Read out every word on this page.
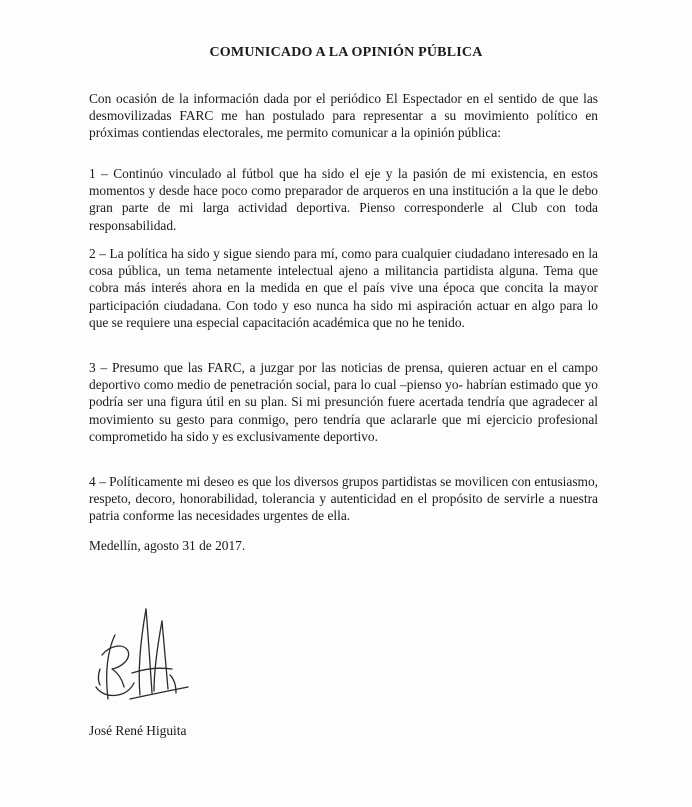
COMUNICADO A LA OPINIÓN PÚBLICA

Con ocasión de la información dada por el periódico El Espectador en el sentido de que las desmovilizadas FARC me han postulado para representar a su movimiento político en próximas contiendas electorales, me permito comunicar a la opinión pública:

1 – Continúo vinculado al fútbol que ha sido el eje y la pasión de mi existencia, en estos momentos y desde hace poco como preparador de arqueros en una institución a la que le debo gran parte de mi larga actividad deportiva. Pienso corresponderle al Club con toda responsabilidad.

2 – La política ha sido y sigue siendo para mí, como para cualquier ciudadano interesado en la cosa pública, un tema netamente intelectual ajeno a militancia partidista alguna. Tema que cobra más interés ahora en la medida en que el país vive una época que concita la mayor participación ciudadana. Con todo y eso nunca ha sido mi aspiración actuar en algo para lo que se requiere una especial capacitación académica que no he tenido.

3 – Presumo que las FARC, a juzgar por las noticias de prensa, quieren actuar en el campo deportivo como medio de penetración social, para lo cual –pienso yo- habrían estimado que yo podría ser una figura útil en su plan. Si mi presunción fuere acertada tendría que agradecer al movimiento su gesto para conmigo, pero tendría que aclararle que mi ejercicio profesional comprometido ha sido y es exclusivamente deportivo.

4 – Políticamente mi deseo es que los diversos grupos partidistas se movilicen con entusiasmo, respeto, decoro, honorabilidad, tolerancia y autenticidad en el propósito de servirle a nuestra patria conforme las necesidades urgentes de ella.

Medellín, agosto 31 de 2017.
José René Higuita
